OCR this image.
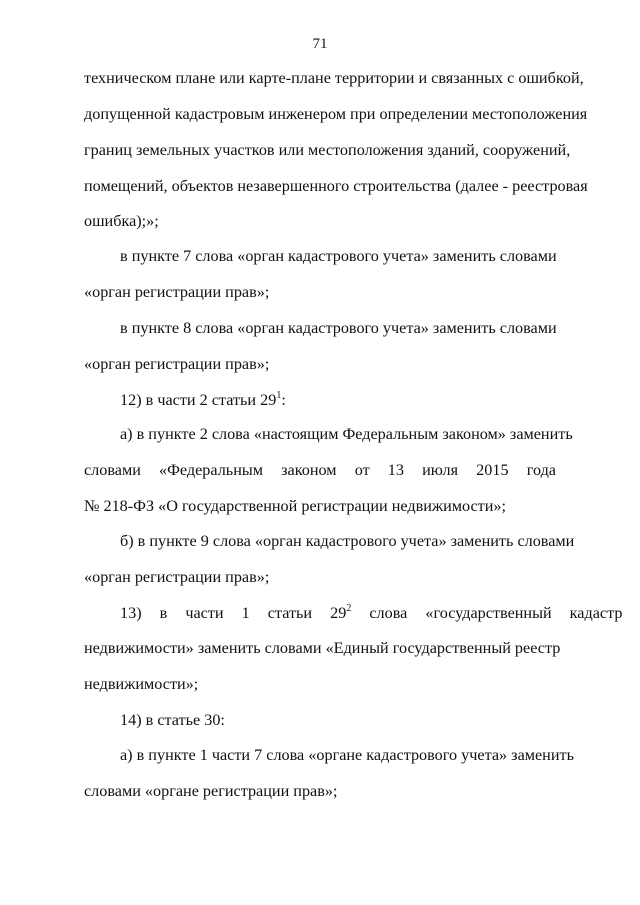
71
техническом плане или карте-плане территории и связанных с ошибкой,
допущенной кадастровым инженером при определении местоположения
границ земельных участков или местоположения зданий, сооружений,
помещений, объектов незавершенного строительства (далее - реестровая
ошибка);»;
в пункте 7 слова «орган кадастрового учета» заменить словами
«орган регистрации прав»;
в пункте 8 слова «орган кадастрового учета» заменить словами
«орган регистрации прав»;
12) в части 2 статьи $29^1$:
а) в пункте 2 слова «настоящим Федеральным законом» заменить
словами «Федеральным законом от 13 июля 2015 года
№ 218-ФЗ «О государственной регистрации недвижимости»;
б) в пункте 9 слова «орган кадастрового учета» заменить словами
«орган регистрации прав»;
13) в части 1 статьи $29^2$ слова «государственный кадастр
недвижимости» заменить словами «Единый государственный реестр
недвижимости»;
14) в статье 30:
а) в пункте 1 части 7 слова «органе кадастрового учета» заменить
словами «органе регистрации прав»;
